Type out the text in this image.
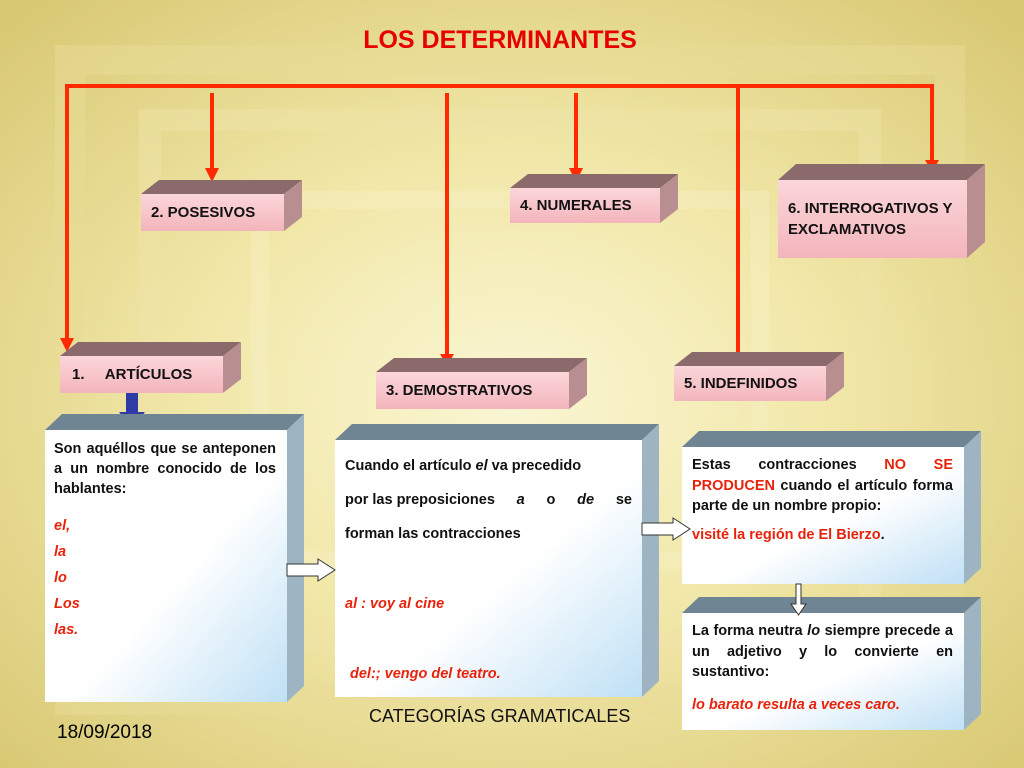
LOS DETERMINANTES
1.     ARTÍCULOS
2. POSESIVOS
3. DEMOSTRATIVOS
4. NUMERALES
5. INDEFINIDOS
6. INTERROGATIVOS Y EXCLAMATIVOS

Son aquéllos que se anteponen a un nombre conocido de los hablantes:

el,

la

lo

Los

las.

Cuando el artículo el va precedido

por las preposiciones a o de se

forman las contracciones

al : voy al cine

del:; vengo del teatro.

Estas contracciones NO SE PRODUCEN cuando el artículo forma parte de un nombre propio:

visité la región de El Bierzo.

La forma neutra lo siempre precede a un adjetivo y lo convierte en sustantivo:

lo barato resulta a veces caro.

18/09/2018
CATEGORÍAS GRAMATICALES
